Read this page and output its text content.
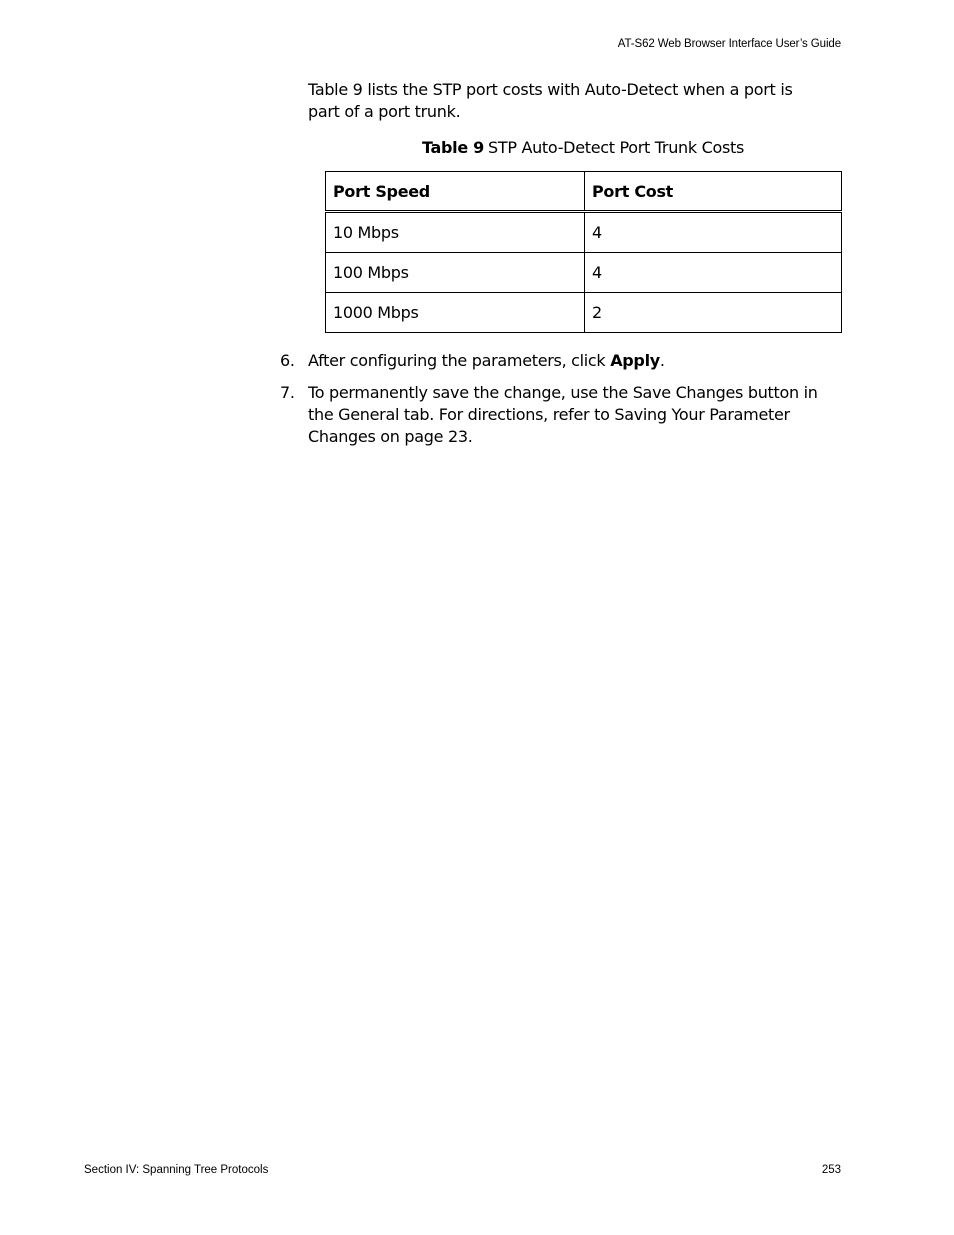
AT-S62 Web Browser Interface User’s Guide

Table 9 lists the STP port costs with Auto-Detect when a port is part of a port trunk.

Table 9 STP Auto-Detect Port Trunk Costs
Port Speed	Port Cost
10 Mbps	4
100 Mbps	4
1000 Mbps	2
6. After configuring the parameters, click Apply.
7. To permanently save the change, use the Save Changes button in the General tab. For directions, refer to Saving Your Parameter Changes on page 23.
Section IV: Spanning Tree Protocols	253
